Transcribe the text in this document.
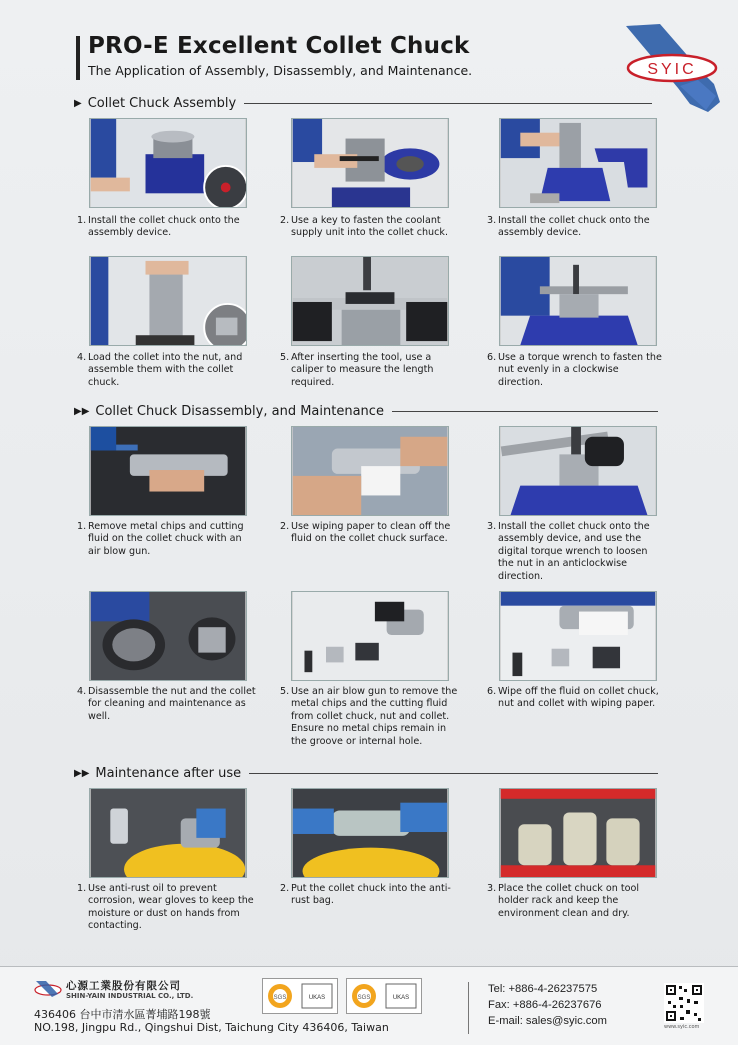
PRO-E Excellent Collet Chuck
The Application of Assembly, Disassembly, and Maintenance.	SYIC
▶ Collet Chuck Assembly
1. Install the collet chuck onto the assembly device.
2. Use a key to fasten the coolant supply unit into the collet chuck.
3. Install the collet chuck onto the assembly device.
4. Load the collet into the nut, and assemble them with the collet chuck.
5. After inserting the tool, use a caliper to measure the length required.
6. Use a torque wrench to fasten the nut evenly in a clockwise direction.
▶▶ Collet Chuck Disassembly, and Maintenance
1. Remove metal chips and cutting fluid on the collet chuck with an air blow gun.
2. Use wiping paper to clean off the fluid on the collet chuck surface.
3. Install the collet chuck onto the assembly device, and use the digital torque wrench to loosen the nut in an anticlockwise direction.
4. Disassemble the nut and the collet for cleaning and maintenance as well.
5. Use an air blow gun to remove the metal chips and the cutting fluid from collet chuck, nut and collet. Ensure no metal chips remain in the groove or internal hole.
6. Wipe off the fluid on collet chuck, nut and collet with wiping paper.
▶▶ Maintenance after use
1. Use anti-rust oil to prevent corrosion, wear gloves to keep the moisture or dust on hands from contacting.
2. Put the collet chuck into the anti-rust bag.
3. Place the collet chuck on tool holder rack and keep the environment clean and dry.
心源工業股份有限公司
SHIN-YAIN INDUSTRIAL CO., LTD.
436406 台中市清水區菁埔路198號
NO.198, Jingpu Rd., Qingshui Dist, Taichung City 436406, Taiwan
SGS	UKAS	SGS	UKAS
Tel: +886-4-26237575
Fax: +886-4-26237676
E-mail: sales@syic.com	www.syic.com
